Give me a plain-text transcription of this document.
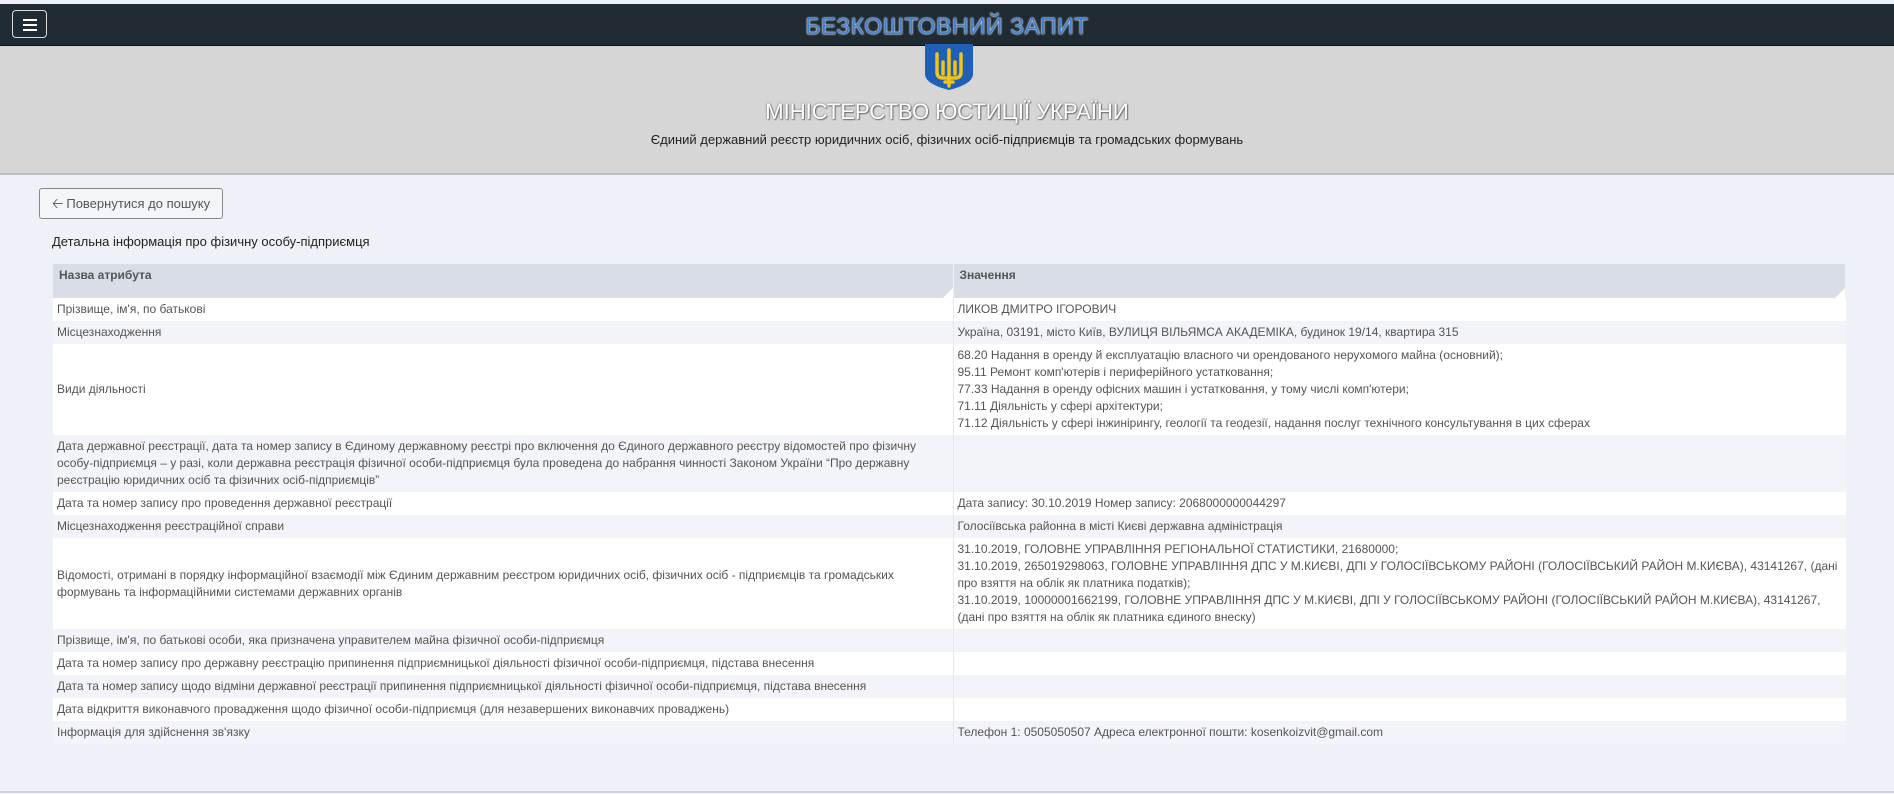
БЕЗКОШТОВНИЙ ЗАПИТ
МІНІСТЕРСТВО ЮСТИЦІЇ УКРАЇНИ
Єдиний державний реєстр юридичних осіб, фізичних осіб-підприємців та громадських формувань
🡠 Повернутися до пошуку
Детальна інформація про фізичну особу-підприємця
Назва атрибута	Значення

Прізвище, ім'я, по батькові	ЛИКОВ ДМИТРО ІГОРОВИЧ

Місцезнаходження	Україна, 03191, місто Київ, ВУЛИЦЯ ВІЛЬЯМСА АКАДЕМІКА, будинок 19/14, квартира 315

Види діяльності	68.20 Надання в оренду й експлуатацію власного чи орендованого нерухомого майна (основний);
95.11 Ремонт комп'ютерів і периферійного устатковання;
77.33 Надання в оренду офісних машин і устатковання, у тому числі комп'ютери;
71.11 Діяльність у сфері архітектури;
71.12 Діяльність у сфері інжинірингу, геології та геодезії, надання послуг технічного консультування в цих сферах

Дата державної реєстрації, дата та номер запису в Єдиному державному реєстрі про включення до Єдиного державного реєстру відомостей про фізичну особу-підприємця – у разі, коли державна реєстрація фізичної особи-підприємця була проведена до набрання чинності Законом України “Про державну реєстрацію юридичних осіб та фізичних осіб-підприємців”	
Дата та номер запису про проведення державної реєстрації	Дата запису: 30.10.2019 Номер запису: 2068000000044297

Місцезнаходження реєстраційної справи	Голосіївська районна в місті Києві державна адміністрація

Відомості, отримані в порядку інформаційної взаємодії між Єдиним державним реєстром юридичних осіб, фізичних осіб - підприємців та громадських формувань та інформаційними системами державних органів	31.10.2019, ГОЛОВНЕ УПРАВЛІННЯ РЕГІОНАЛЬНОЇ СТАТИСТИКИ, 21680000;
31.10.2019, 265019298063, ГОЛОВНЕ УПРАВЛІННЯ ДПС У М.КИЄВІ, ДПІ У ГОЛОСІЇВСЬКОМУ РАЙОНІ (ГОЛОСІЇВСЬКИЙ РАЙОН М.КИЄВА), 43141267, (дані про взяття на облік як платника податків);
31.10.2019, 10000001662199, ГОЛОВНЕ УПРАВЛІННЯ ДПС У М.КИЄВІ, ДПІ У ГОЛОСІЇВСЬКОМУ РАЙОНІ (ГОЛОСІЇВСЬКИЙ РАЙОН М.КИЄВА), 43141267, (дані про взяття на облік як платника єдиного внеску)

Прізвище, ім'я, по батькові особи, яка призначена управителем майна фізичної особи-підприємця	
Дата та номер запису про державну реєстрацію припинення підприємницької діяльності фізичної особи-підприємця, підстава внесення	
Дата та номер запису щодо відміни державної реєстрації припинення підприємницької діяльності фізичної особи-підприємця, підстава внесення	
Дата відкриття виконавчого провадження щодо фізичної особи-підприємця (для незавершених виконавчих проваджень)	
Інформація для здійснення зв'язку	Телефон 1: 0505050507 Адреса електронної пошти: kosenkoizvit@gmail.com
